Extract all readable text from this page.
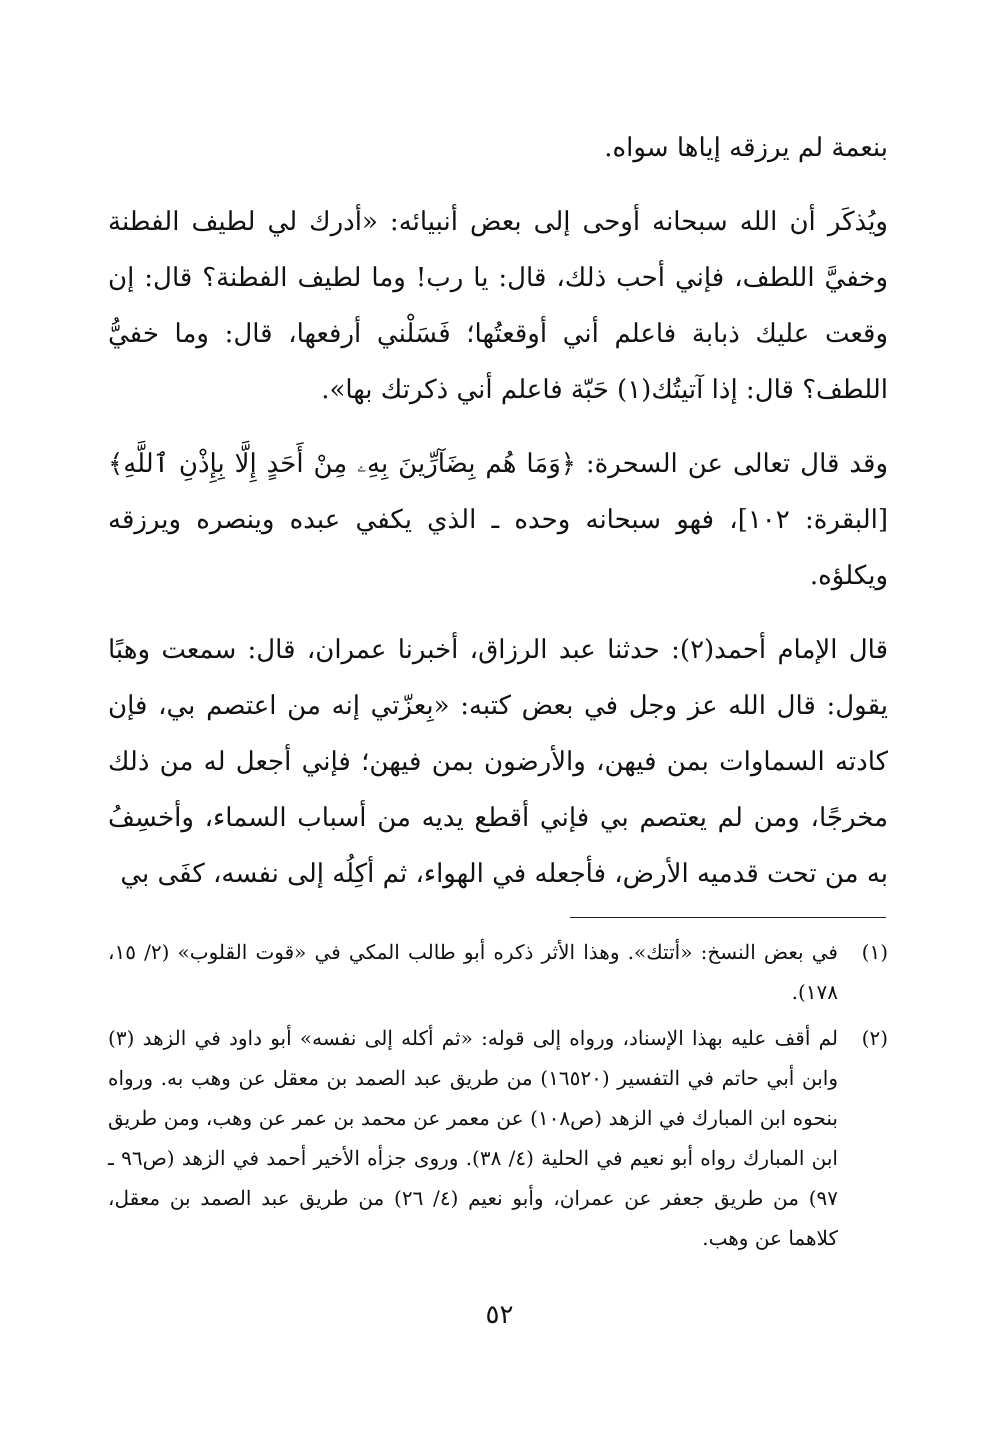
بنعمة لم يرزقه إياها سواه.

ويُذكَر أن الله سبحانه أوحى إلى بعض أنبيائه: «أدرك لي لطيف الفطنة وخفيَّ اللطف، فإني أحب ذلك، قال: يا رب! وما لطيف الفطنة؟ قال: إن وقعت عليك ذبابة فاعلم أني أوقعتُها؛ فَسَلْني أرفعها، قال: وما خفيُّ اللطف؟ قال: إذا آتيتُك(١) حَبّة فاعلم أني ذكرتك بها».

وقد قال تعالى عن السحرة: ﴿وَمَا هُم بِضَآرِّينَ بِهِۦ مِنْ أَحَدٍ إِلَّا بِإِذْنِ ٱللَّهِ﴾ [البقرة: ١٠٢]، فهو سبحانه وحده ـ الذي يكفي عبده وينصره ويرزقه ويكلؤه.

قال الإمام أحمد(٢): حدثنا عبد الرزاق، أخبرنا عمران، قال: سمعت وهبًا يقول: قال الله عز وجل في بعض كتبه: «بِعزّتي إنه من اعتصم بي، فإن كادته السماوات بمن فيهن، والأرضون بمن فيهن؛ فإني أجعل له من ذلك مخرجًا، ومن لم يعتصم بي فإني أقطع يديه من أسباب السماء، وأخسِفُ به من تحت قدميه الأرض، فأجعله في الهواء، ثم أكِلُه إلى نفسه، كفَى بي

(١)
في بعض النسخ: «أتتك». وهذا الأثر ذكره أبو طالب المكي في «قوت القلوب» (٢/ ١٥، ١٧٨).
(٢)
لم أقف عليه بهذا الإسناد، ورواه إلى قوله: «ثم أكله إلى نفسه» أبو داود في الزهد (٣) وابن أبي حاتم في التفسير (١٦٥٢٠) من طريق عبد الصمد بن معقل عن وهب به. ورواه بنحوه ابن المبارك في الزهد (ص١٠٨) عن معمر عن محمد بن عمر عن وهب، ومن طريق ابن المبارك رواه أبو نعيم في الحلية (٤/ ٣٨). وروى جزأه الأخير أحمد في الزهد (ص٩٦ ـ ٩٧) من طريق جعفر عن عمران، وأبو نعيم (٤/ ٢٦) من طريق عبد الصمد بن معقل، كلاهما عن وهب.
٥٢
